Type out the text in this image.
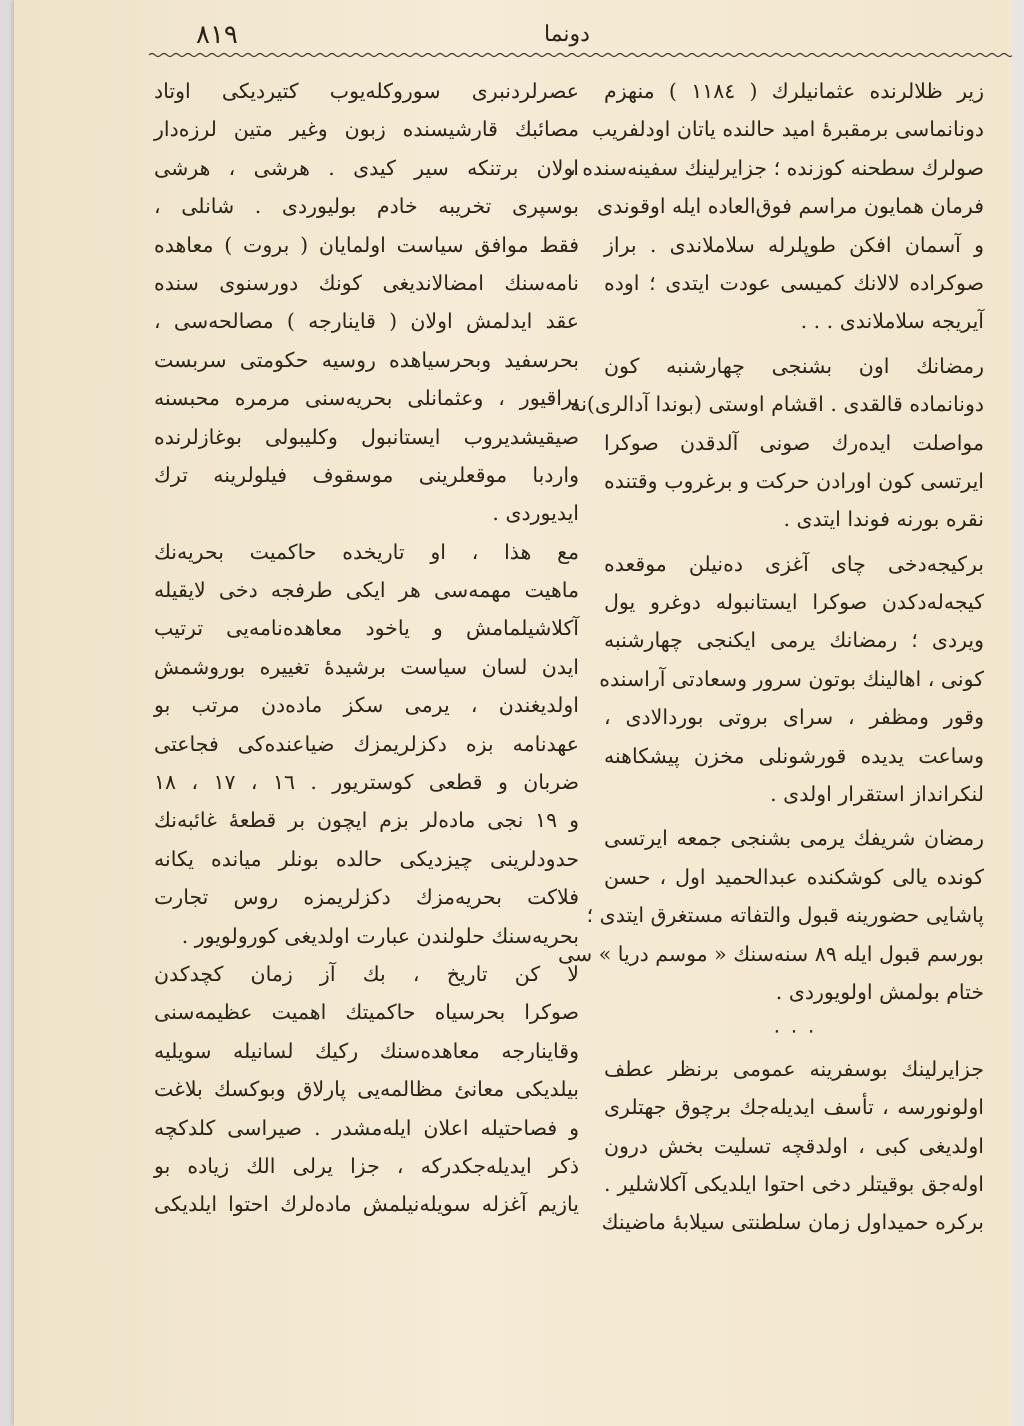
٨١٩	دونما
زير ظلالرنده عثمانيلرك ( ١١٨٤ ) منهزم
دونانماسى برمقبرهٔ اميد حالنده ياتان اودلفريب
صولرك سطحنه كوزنده ؛ جزايرلينك سفينه‌سنده ،
فرمان همايون مراسم فوق‌العاده ايله اوقوندى
و آسمان افكن طوپلرله سلاملاندى . براز
صوكراده لالانك كميسى عودت ايتدى ؛ اوده
آيريجه سلاملاندى . . .
رمضانك اون بشنجى چهارشنبه كون
دونانماده قالقدى . اقشام اوستى (بوندا آدالرى)نه
مواصلت ايده‌رك صونى آلدقدن صوكرا
ايرتسى كون اورادن حركت و برغروب وقتنده
نقره بورنه فوندا ايتدى .
بركيجه‌دخى چاى آغزى ده‌نيلن موقعده
كيجه‌له‌دكدن صوكرا ايستانبوله دوغرو يول
ويردى ؛ رمضانك يرمى ايكنجى چهارشنبه
كونى ، اهالينك بوتون سرور وسعادتى آراسنده
وقور ومظفر ، سراى بروتى بوردالادى ،
وساعت يديده قورشونلى مخزن پيشكاهنه
لنكرانداز استقرار اولدى .
رمضان شريفك يرمى بشنجى جمعه ايرتسى
كونده يالى كوشكنده عبدالحميد اول ، حسن
پاشايى حضورينه قبول والتفاته مستغرق ايتدى ؛
بورسم قبول ايله ٨٩ سنه‌سنك « موسم دريا » سى
ختام بولمش اولويوردى .
٠ ٠ ٠
جزايرلينك بوسفرينه عمومى برنظر عطف
اولونورسه ، تأسف ايديله‌جك برچوق جهتلرى
اولديغى كبى ، اولدقچه تسليت بخش درون
اوله‌جق بوقيتلر دخى احتوا ايلديكى آكلاشلير .
بركره حميداول زمان سلطنتى سيلابهٔ ماضينك
عصرلردنبرى سوروكله‌يوب كتيرديكى اوتاد
مصائبك قارشيسنده زبون وغير متين لرزه‌دار
اولان برتنكه سير كيدى . هرشى ، هرشى
بوسپرى تخريبه خادم بوليوردى . شانلى ،
فقط موافق سياست اولمايان ( بروت ) معاهده
نامه‌سنك امضالانديغى كونك دورسنوى سنده
عقد ايدلمش اولان ( قاينارجه ) مصالحه‌سى ،
بحرسفيد وبحرسياهده روسيه حكومتى سربست
براقيور ، وعثمانلى بحريه‌سنى مرمره محبسنه
صيقيشديروب ايستانبول وكليبولى بوغازلرنده
واردبا موقعلرينى موسقوف فيلولرينه ترك
ايديوردى .
مع هذا ، او تاريخده حاكميت بحريه‌نك
ماهيت مهمه‌سى هر ايكى طرفجه دخى لايقيله
آكلاشيلمامش و ياخود معاهده‌نامه‌يى ترتيب
ايدن لسان سياست برشيدهٔ تغييره بوروشمش
اولديغندن ، يرمى سكز ماده‌دن مرتب بو
عهدنامه بزه دكزلريمزك ضياعنده‌كى فجاعتى
ضربان و قطعى كوستريور . ١٦ ، ١٧ ، ١٨
و ١٩ نجى ماده‌لر بزم ايچون بر قطعهٔ غائبه‌نك
حدودلرينى چيزديكى حالده بونلر ميانده يكانه
فلاكت بحريه‌مزك دكزلريمزه روس تجارت
بحريه‌سنك حلولندن عبارت اولديغى كورولويور .
لا كن تاريخ ، بك آز زمان كچدكدن
صوكرا بحرسياه حاكميتك اهميت عظيمه‌سنى
وقاينارجه معاهده‌سنك ركيك لسانيله سويليه‌
بيلديكى معانئ مظالمه‌يى پارلاق وبوكسك بلاغت
و فصاحتيله اعلان ايله‌مشدر . صيراسى كلدكچه
ذكر ايديله‌جكدركه ، جزا يرلى الك زياده بو
يازيم آغزله سويله‌نيلمش ماده‌لرك احتوا ايلديكى
